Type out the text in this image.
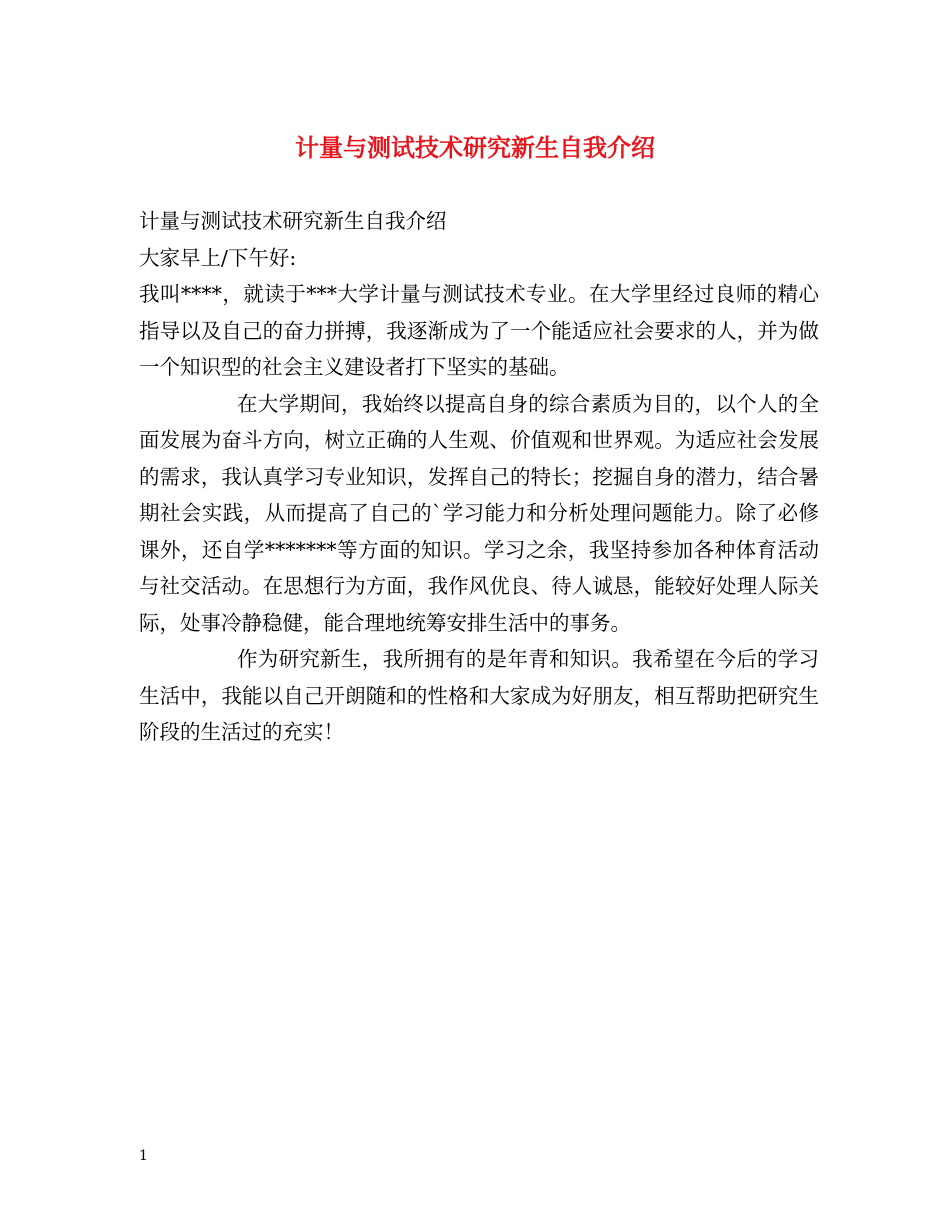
计量与测试技术研究新生自我介绍

计量与测试技术研究新生自我介绍

大家早上/下午好:

我叫****，就读于***大学计量与测试技术专业。在大学里经过良师的精心指导以及自己的奋力拼搏，我逐渐成为了一个能适应社会要求的人，并为做一个知识型的社会主义建设者打下坚实的基础。

在大学期间，我始终以提高自身的综合素质为目的，以个人的全面发展为奋斗方向，树立正确的人生观、价值观和世界观。为适应社会发展的需求，我认真学习专业知识，发挥自己的特长；挖掘自身的潜力，结合暑期社会实践，从而提高了自己的`学习能力和分析处理问题能力。除了必修课外，还自学*******等方面的知识。学习之余，我坚持参加各种体育活动与社交活动。在思想行为方面，我作风优良、待人诚恳，能较好处理人际关际，处事冷静稳健，能合理地统筹安排生活中的事务。

作为研究新生，我所拥有的是年青和知识。我希望在今后的学习生活中，我能以自己开朗随和的性格和大家成为好朋友，相互帮助把研究生阶段的生活过的充实！

1
